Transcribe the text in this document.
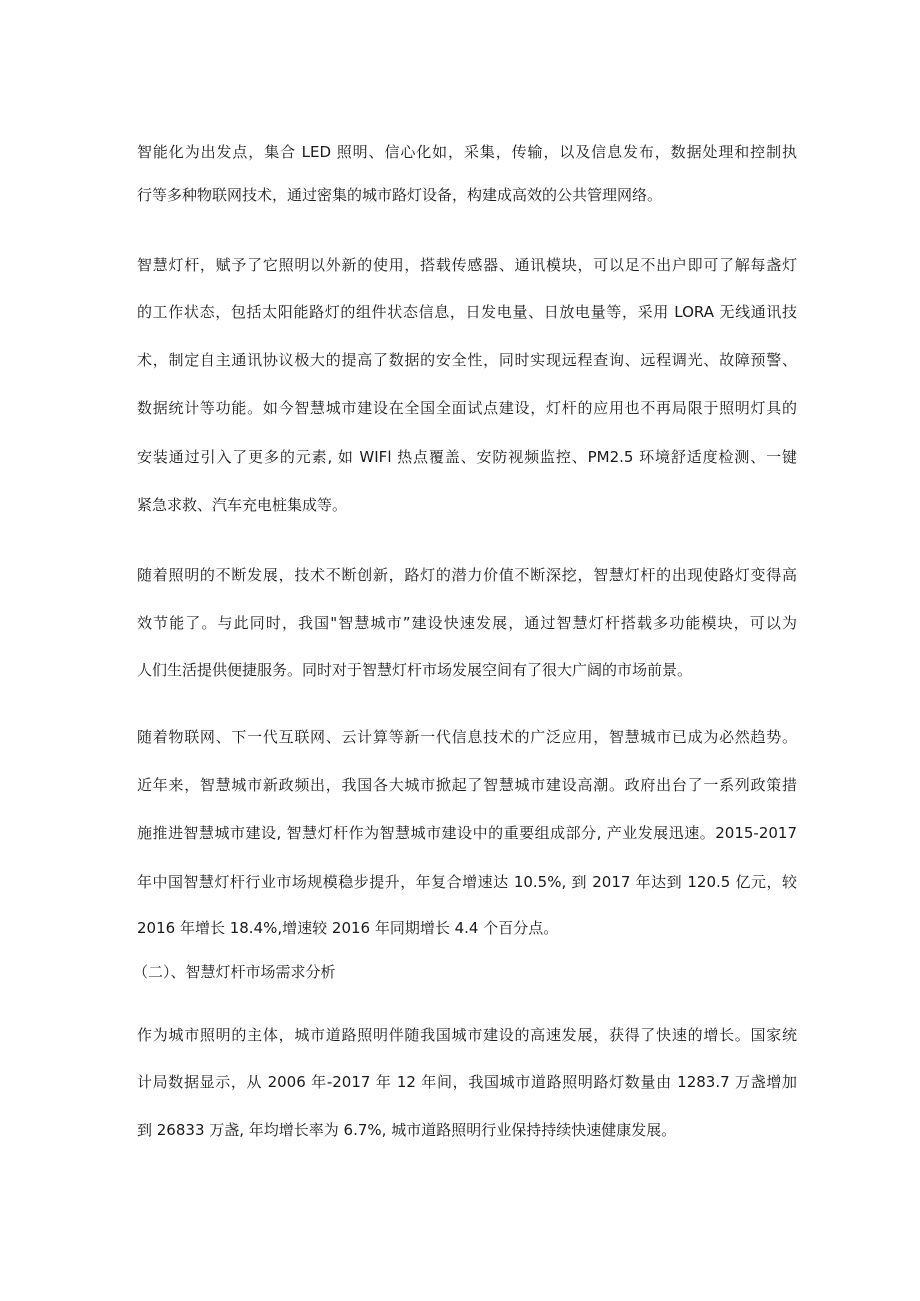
智能化为出发点，集合 LED 照明、信心化如，采集，传输，以及信息发布，数据处理和控制执
行等多种物联网技术，通过密集的城市路灯设备，构建成高效的公共管理网络。
智慧灯杆，赋予了它照明以外新的使用，搭载传感器、通讯模块，可以足不出户即可了解每盏灯
的工作状态，包括太阳能路灯的组件状态信息，日发电量、日放电量等，采用 LORA 无线通讯技
术，制定自主通讯协议极大的提高了数据的安全性，同时实现远程查询、远程调光、故障预警、
数据统计等功能。如今智慧城市建设在全国全面试点建设，灯杆的应用也不再局限于照明灯具的
安装通过引入了更多的元素, 如 WIFl 热点覆盖、安防视频监控、PM2.5 环境舒适度检测、一键
紧急求救、汽车充电桩集成等。
随着照明的不断发展，技术不断创新，路灯的潜力价值不断深挖，智慧灯杆的出现使路灯变得高
效节能了。与此同时，我国"智慧城市”建设快速发展，通过智慧灯杆搭载多功能模块，可以为
人们生活提供便捷服务。同时对于智慧灯杆市场发展空间有了很大广阔的市场前景。
随着物联网、下一代互联网、云计算等新一代信息技术的广泛应用，智慧城市已成为必然趋势。
近年来，智慧城市新政频出，我国各大城市掀起了智慧城市建设高潮。政府出台了一系列政策措
施推进智慧城市建设, 智慧灯杆作为智慧城市建设中的重要组成部分, 产业发展迅速。2015-2017
年中国智慧灯杆行业市场规模稳步提升，年复合增速达 10.5%, 到 2017 年达到 120.5 亿元，较
2016 年增长 18.4%,增速较 2016 年同期增长 4.4 个百分点。
（二）、智慧灯杆市场需求分析
作为城市照明的主体，城市道路照明伴随我国城市建设的高速发展，获得了快速的增长。国家统
计局数据显示，从 2006 年-2017 年 12 年间，我国城市道路照明路灯数量由 1283.7 万盏增加
到 26833 万盏, 年均增长率为 6.7%, 城市道路照明行业保持持续快速健康发展。
